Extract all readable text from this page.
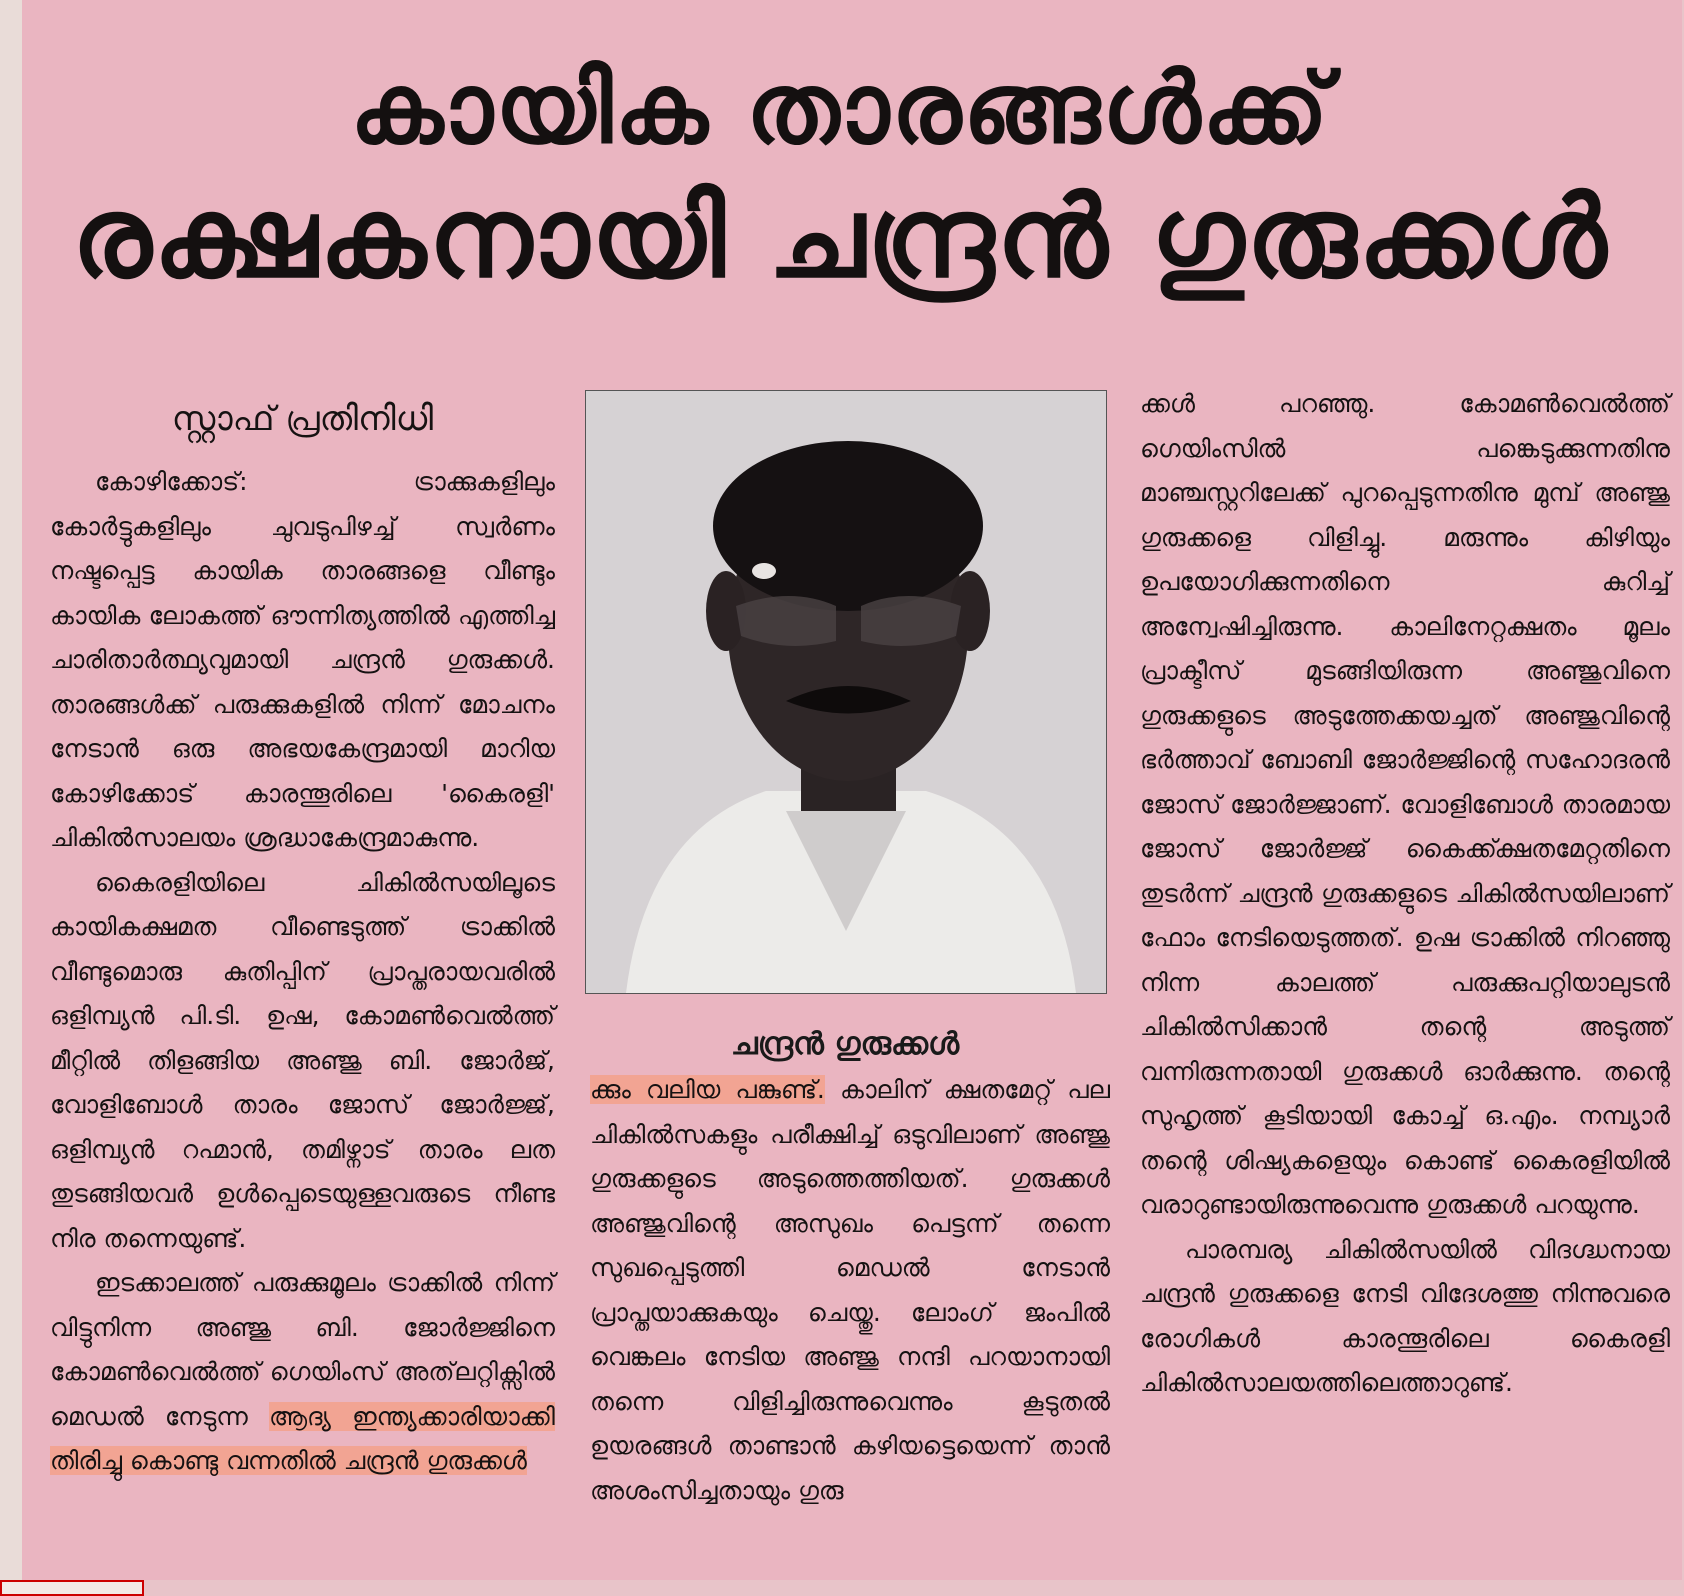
കായിക താരങ്ങൾക്ക്
രക്ഷകനായി ചന്ദ്രൻ ഗുരുക്കൾ
സ്റ്റാഫ് പ്രതിനിധി

കോഴിക്കോട്: ട്രാക്കുകളിലും കോർട്ടുകളിലും ചുവടുപിഴച്ച് സ്വർണം നഷ്ടപ്പെട്ട കായിക താരങ്ങളെ വീണ്ടും കായിക ലോകത്ത് ഔന്നിത്യത്തിൽ എത്തിച്ച ചാരിതാർത്ഥ്യവുമായി ചന്ദ്രൻ ഗുരുക്കൾ. താരങ്ങൾക്ക് പരുക്കുകളിൽ നിന്ന് മോചനം നേടാൻ ഒരു അഭയകേന്ദ്രമായി മാറിയ കോഴിക്കോട് കാരന്തൂരിലെ 'കൈരളി' ചികിൽസാലയം ശ്രദ്ധാകേന്ദ്രമാകുന്നു.

കൈരളിയിലെ ചികിൽസയിലൂടെ കായികക്ഷമത വീണ്ടെടുത്ത് ട്രാക്കിൽ വീണ്ടുമൊരു കുതിപ്പിന് പ്രാപ്തരായവരിൽ ഒളിമ്പ്യൻ പി.ടി. ഉഷ, കോമൺവെൽത്ത് മീറ്റിൽ തിളങ്ങിയ അഞ്ജു ബി. ജോർജ്, വോളിബോൾ താരം ജോസ് ജോർജ്ജ്, ഒളിമ്പ്യൻ റഹ്മാൻ, തമിഴ്നാട് താരം ലത തുടങ്ങിയവർ ഉൾപ്പെടെയുള്ളവരുടെ നീണ്ട നിര തന്നെയുണ്ട്.

ഇടക്കാലത്ത് പരുക്കുമൂലം ട്രാക്കിൽ നിന്ന് വിട്ടുനിന്ന അഞ്ജു ബി. ജോർജ്ജിനെ കോമൺവെൽത്ത് ഗെയിംസ് അത്‌ലറ്റിക്സിൽ മെഡൽ നേടുന്ന ആദ്യ ഇന്ത്യക്കാരിയാക്കി തിരിച്ചു കൊണ്ടു വന്നതിൽ ചന്ദ്രൻ ഗുരുക്കൾ

ചന്ദ്രൻ ഗുരുക്കൾ

ക്കും വലിയ പങ്കുണ്ട്. കാലിന് ക്ഷതമേറ്റ് പല ചികിൽസകളും പരീക്ഷിച്ച് ഒടുവിലാണ് അഞ്ജു ഗുരുക്കളുടെ അടുത്തെത്തിയത്. ഗുരുക്കൾ അഞ്ജുവിന്റെ അസുഖം പെട്ടന്ന് തന്നെ സുഖപ്പെടുത്തി മെഡൽ നേടാൻ പ്രാപ്തയാക്കുകയും ചെയ്തു. ലോംഗ് ജംപിൽ വെങ്കലം നേടിയ അഞ്ജു നന്ദി പറയാനായി തന്നെ വിളിച്ചിരുന്നുവെന്നും കൂടുതൽ ഉയരങ്ങൾ താണ്ടാൻ കഴിയട്ടെയെന്ന് താൻ അശംസിച്ചതായും ഗുരു

ക്കൾ പറഞ്ഞു. കോമൺവെൽത്ത് ഗെയിംസിൽ പങ്കെടുക്കുന്നതിനു മാഞ്ചസ്റ്ററിലേക്ക് പുറപ്പെടുന്നതിനു മുമ്പ് അഞ്ജു ഗുരുക്കളെ വിളിച്ചു. മരുന്നും കിഴിയും ഉപയോഗിക്കുന്നതിനെ കുറിച്ച് അന്വേഷിച്ചിരുന്നു. കാലിനേറ്റക്ഷതം മൂലം പ്രാക്ടീസ് മുടങ്ങിയിരുന്ന അഞ്ജുവിനെ ഗുരുക്കളുടെ അടുത്തേക്കയച്ചത് അഞ്ജുവിന്റെ ഭർത്താവ് ബോബി ജോർജ്ജിന്റെ സഹോദരൻ ജോസ് ജോർജ്ജാണ്. വോളിബോൾ താരമായ ജോസ് ജോർജ്ജ് കൈക്ക്ക്ഷതമേറ്റതിനെ തുടർന്ന് ചന്ദ്രൻ ഗുരുക്കളുടെ ചികിൽസയിലാണ് ഫോം നേടിയെടുത്തത്. ഉഷ ട്രാക്കിൽ നിറഞ്ഞു നിന്ന കാലത്ത് പരുക്കുപറ്റിയാലുടൻ ചികിൽസിക്കാൻ തന്റെ അടുത്ത് വന്നിരുന്നതായി ഗുരുക്കൾ ഓർക്കുന്നു. തന്റെ സുഹൃത്ത് കൂടിയായി കോച്ച് ഒ.എം. നമ്പ്യാർ തന്റെ ശിഷ്യകളെയും കൊണ്ട് കൈരളിയിൽ വരാറുണ്ടായിരുന്നുവെന്നു ഗുരുക്കൾ പറയുന്നു.

പാരമ്പര്യ ചികിൽസയിൽ വിദഗ്ദ്ധനായ ചന്ദ്രൻ ഗുരുക്കളെ നേടി വിദേശത്തു നിന്നുവരെ രോഗികൾ കാരന്തൂരിലെ കൈരളി ചികിൽസാലയത്തിലെത്താറുണ്ട്.
